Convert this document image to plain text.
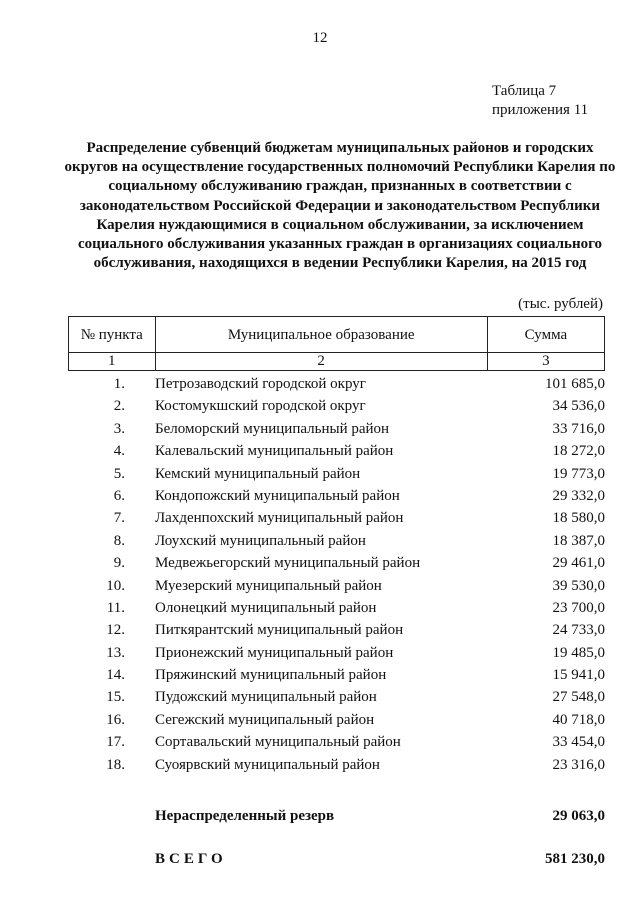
12
Таблица 7
приложения 11
Распределение субвенций бюджетам муниципальных районов и городских округов на осуществление государственных полномочий Республики Карелия по социальному обслуживанию граждан, признанных в соответствии с законодательством Российской Федерации и законодательством Республики Карелия нуждающимися в социальном обслуживании, за исключением социального обслуживания указанных граждан в организациях социального обслуживания, находящихся в ведении Республики Карелия, на 2015 год
(тыс. рублей)
№ пункта	Муниципальное образование	Сумма
1	2	3
1. Петрозаводский городской округ	101 685,0
2. Костомукшский городской округ	34 536,0
3. Беломорский муниципальный район	33 716,0
4. Калевальский муниципальный район	18 272,0
5. Кемский муниципальный район	19 773,0
6. Кондопожский муниципальный район	29 332,0
7. Лахденпохский муниципальный район	18 580,0
8. Лоухский муниципальный район	18 387,0
9. Медвежьегорский муниципальный район	29 461,0
10. Муезерский муниципальный район	39 530,0
11. Олонецкий муниципальный район	23 700,0
12. Питкярантский муниципальный район	24 733,0
13. Прионежский муниципальный район	19 485,0
14. Пряжинский муниципальный район	15 941,0
15. Пудожский муниципальный район	27 548,0
16. Сегежский муниципальный район	40 718,0
17. Сортавальский муниципальный район	33 454,0
18. Суоярвский муниципальный район	23 316,0
Нераспределенный резерв	29 063,0
ВСЕГО	581 230,0
